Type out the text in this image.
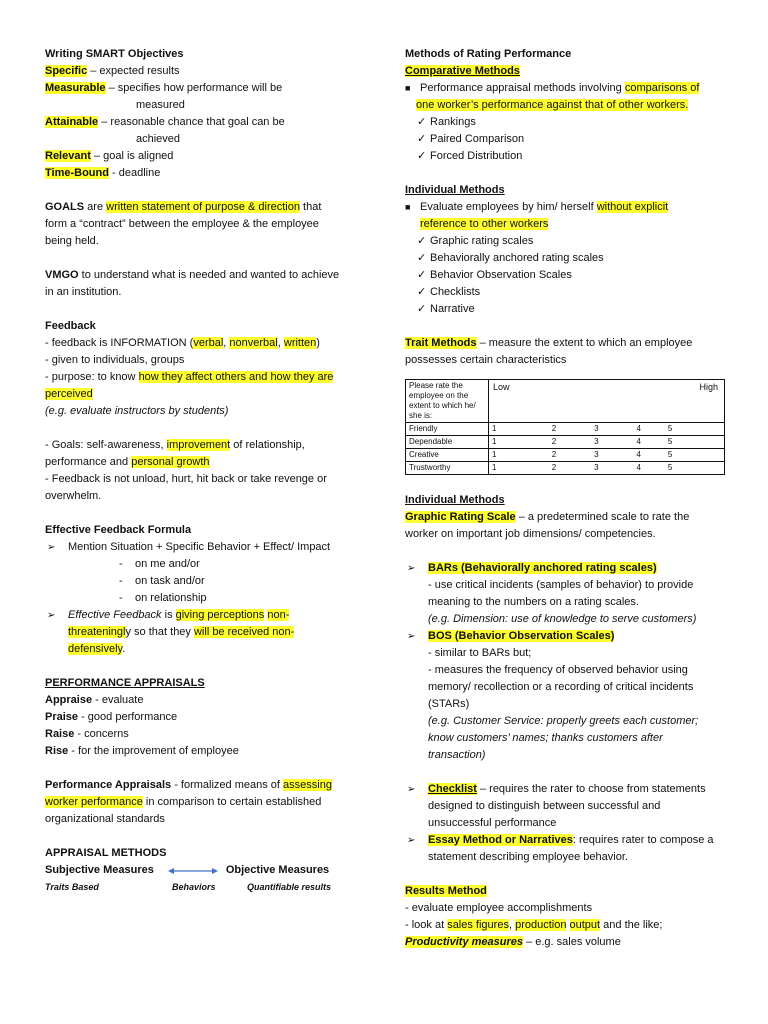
Writing SMART Objectives
Specific – expected results
Measurable – specifies how performance will be
measured
Attainable – reasonable chance that goal can be
achieved
Relevant – goal is aligned
Time-Bound - deadline
GOALS are written statement of purpose & direction that
form a “contract” between the employee & the employee
being held.
VMGO to understand what is needed and wanted to achieve
in an institution.
Feedback
- feedback is INFORMATION (verbal, nonverbal, written)
- given to individuals, groups
- purpose: to know how they affect others and how they are
perceived
(e.g. evaluate instructors by students)
- Goals: self-awareness, improvement of relationship,
performance and personal growth
- Feedback is not unload, hurt, hit back or take revenge or
overwhelm.
Effective Feedback Formula
➢ Mention Situation + Specific Behavior + Effect/ Impact
- on me and/or
- on task and/or
- on relationship
➢ Effective Feedback is giving perceptions non-
threateningly so that they will be received non-
defensively.
PERFORMANCE APPRAISALS
Appraise - evaluate
Praise - good performance
Raise - concerns
Rise - for the improvement of employee
Performance Appraisals - formalized means of assessing
worker performance in comparison to certain established
organizational standards
APPRAISAL METHODS
Subjective Measures	Objective Measures
Traits Based	Behaviors	Quantifiable results
Methods of Rating Performance
Comparative Methods
■ Performance appraisal methods involving comparisons of
one worker’s performance against that of other workers.
✓ Rankings
✓ Paired Comparison
✓ Forced Distribution
Individual Methods
■ Evaluate employees by him/ herself without explicit
reference to other workers
✓ Graphic rating scales
✓ Behaviorally anchored rating scales
✓ Behavior Observation Scales
✓ Checklists
✓ Narrative
Trait Methods – measure the extent to which an employee
possesses certain characteristics
Please rate the employee on the extent to which he/ she is:	Low High				

Friendly	1	2	3	4	5
Dependable	1	2	3	4	5
Creative	1	2	3	4	5
Trustworthy	1	2	3	4	5
Individual Methods
Graphic Rating Scale – a predetermined scale to rate the
worker on important job dimensions/ competencies.
➢ BARs (Behaviorally anchored rating scales)
- use critical incidents (samples of behavior) to provide
meaning to the numbers on a rating scales.
(e.g. Dimension: use of knowledge to serve customers)
➢ BOS (Behavior Observation Scales)
- similar to BARs but;
- measures the frequency of observed behavior using
memory/ recollection or a recording of critical incidents
(STARs)
(e.g. Customer Service: properly greets each customer;
know customers’ names; thanks customers after
transaction)
➢ Checklist – requires the rater to choose from statements
designed to distinguish between successful and
unsuccessful performance
➢ Essay Method or Narratives: requires rater to compose a
statement describing employee behavior.
Results Method
- evaluate employee accomplishments
- look at sales figures, production output and the like;
Productivity measures – e.g. sales volume
